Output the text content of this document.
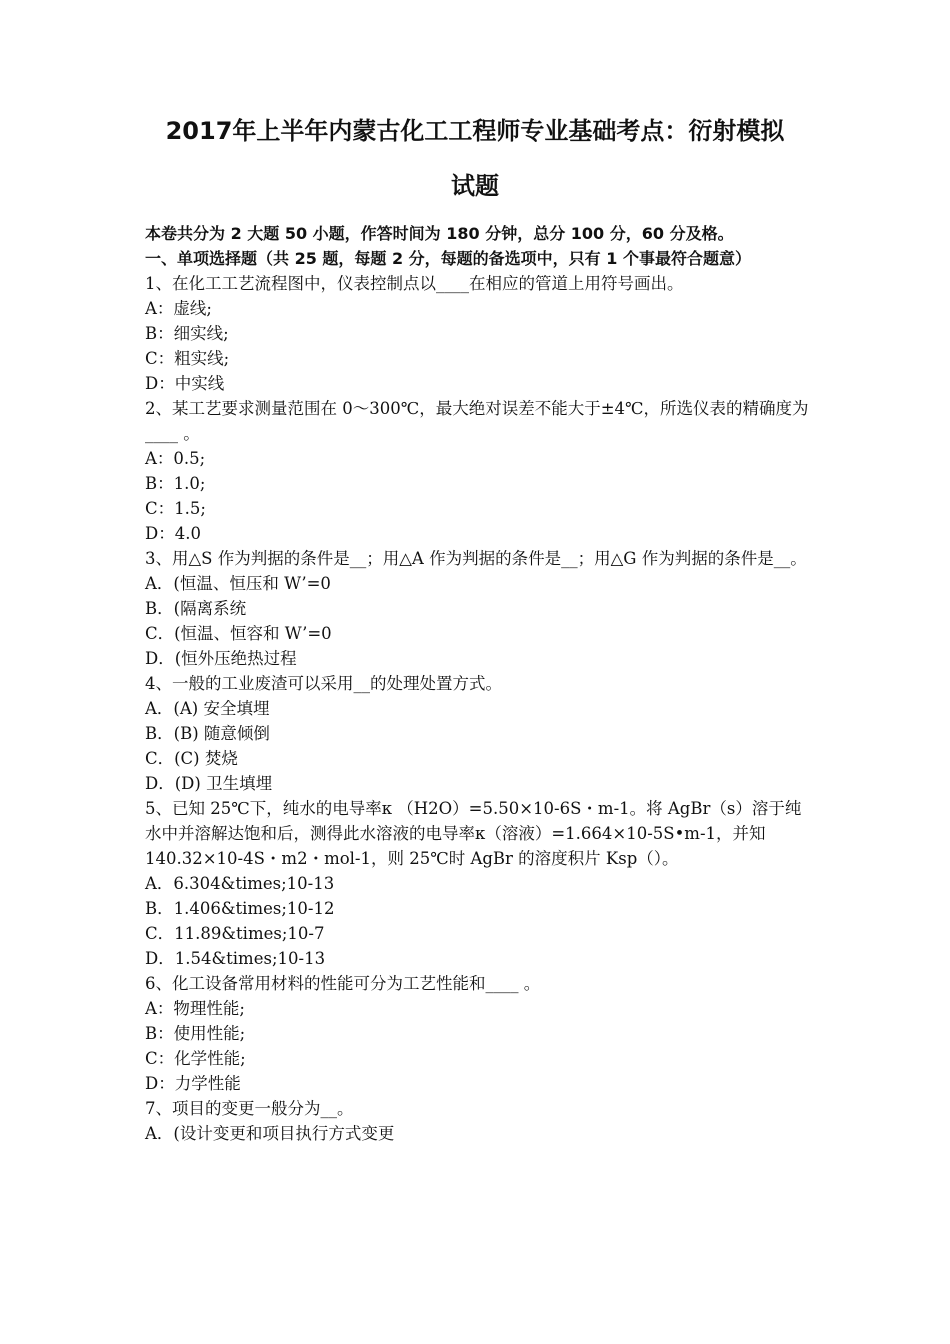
2017年上半年内蒙古化工工程师专业基础考点：衍射模拟
试题

本卷共分为 2 大题 50 小题，作答时间为 180 分钟，总分 100 分，60 分及格。

一、单项选择题（共 25 题，每题 2 分，每题的备选项中，只有 1 个事最符合题意）

1、在化工工艺流程图中，仪表控制点以____在相应的管道上用符号画出。

A：虚线;

B：细实线;

C：粗实线;

D：中实线

2、某工艺要求测量范围在 0～300℃，最大绝对误差不能大于±4℃，所选仪表的精确度为____ 。

A：0.5;

B：1.0;

C：1.5;

D：4.0

3、用△S 作为判据的条件是__；用△A 作为判据的条件是__；用△G 作为判据的条件是__。

A．(恒温、恒压和 W’=0

B．(隔离系统

C．(恒温、恒容和 W’=0

D．(恒外压绝热过程

4、一般的工业废渣可以采用__的处理处置方式。

A．(A) 安全填埋

B．(B) 随意倾倒

C．(C) 焚烧

D．(D) 卫生填埋

5、已知 25℃下，纯水的电导率κ （H2O）=5.50×10-6S・m-1。将 AgBr（s）溶于纯水中并溶解达饱和后，测得此水溶液的电导率κ（溶液）=1.664×10-5S•m-1，并知 140.32×10-4S・m2・mol-1，则 25℃时 AgBr 的溶度积片 Ksp（）。

A．6.304&times;10-13

B．1.406&times;10-12

C．11.89&times;10-7

D．1.54&times;10-13

6、化工设备常用材料的性能可分为工艺性能和____ 。

A：物理性能;

B：使用性能;

C：化学性能;

D：力学性能

7、项目的变更一般分为__。

A．(设计变更和项目执行方式变更
